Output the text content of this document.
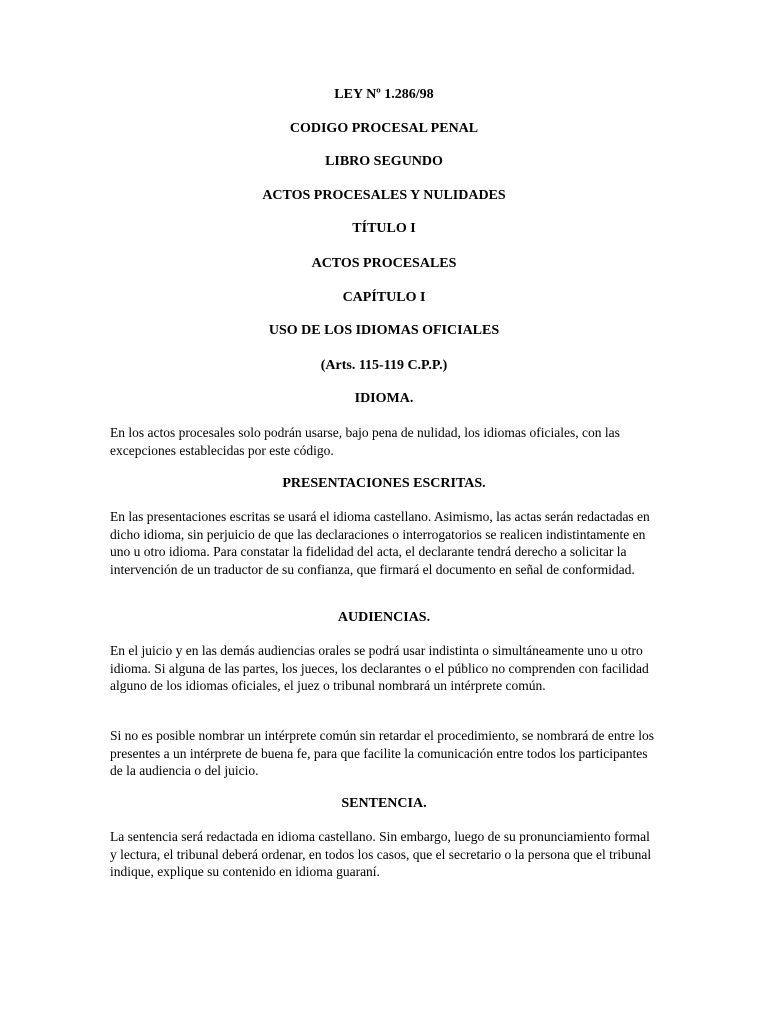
LEY Nº 1.286/98
CODIGO PROCESAL PENAL
LIBRO SEGUNDO
ACTOS PROCESALES Y NULIDADES
TÍTULO I
ACTOS PROCESALES
CAPÍTULO I
USO DE LOS IDIOMAS OFICIALES
(Arts. 115-119 C.P.P.)
IDIOMA.
En los actos procesales solo podrán usarse, bajo pena de nulidad, los idiomas oficiales, con las excepciones establecidas por este código.
PRESENTACIONES ESCRITAS.
En las presentaciones escritas se usará el idioma castellano. Asimismo, las actas serán redactadas en dicho idioma, sin perjuicio de que las declaraciones o interrogatorios se realicen indistintamente en uno u otro idioma. Para constatar la fidelidad del acta, el declarante tendrá derecho a solicitar la intervención de un traductor de su confianza, que firmará el documento en señal de conformidad.
AUDIENCIAS.
En el juicio y en las demás audiencias orales se podrá usar indistinta o simultáneamente uno u otro idioma. Si alguna de las partes, los jueces, los declarantes o el público no comprenden con facilidad alguno de los idiomas oficiales, el juez o tribunal nombrará un intérprete común.
Si no es posible nombrar un intérprete común sin retardar el procedimiento, se nombrará de entre los presentes a un intérprete de buena fe, para que facilite la comunicación entre todos los participantes de la audiencia o del juicio.
SENTENCIA.
La sentencia será redactada en idioma castellano. Sin embargo, luego de su pronunciamiento formal y lectura, el tribunal deberá ordenar, en todos los casos, que el secretario o la persona que el tribunal indique, explique su contenido en idioma guaraní.
